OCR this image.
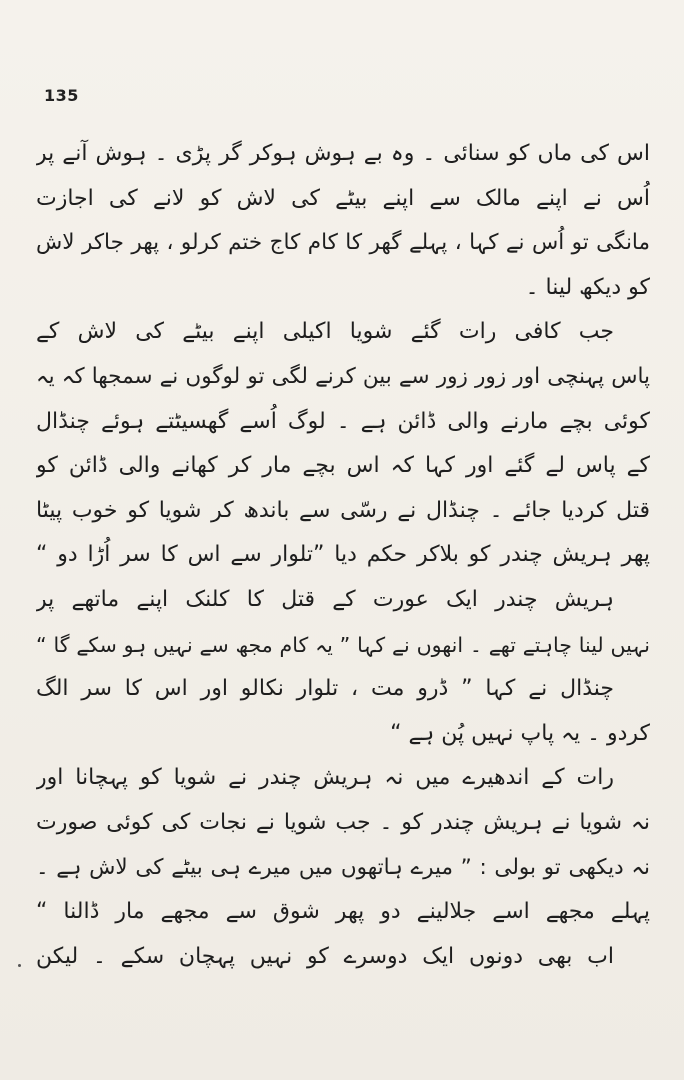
135
اس کی ماں کو سنائی ۔ وہ بے ہوش ہوکر گر پڑی ۔ ہوش آنے پر
اُس نے اپنے مالک سے اپنے بیٹے کی لاش کو لانے کی اجازت
مانگی تو اُس نے کہا ، پہلے گھر کا کام کاج ختم کرلو ، پھر جاکر لاش
کو دیکھ لینا ۔
جب کافی رات گئے شویا اکیلی اپنے بیٹے کی لاش کے
پاس پہنچی اور زور زور سے بین کرنے لگی تو لوگوں نے سمجھا کہ یہ
کوئی بچے مارنے والی ڈائن ہے ۔ لوگ اُسے گھسیٹتے ہوئے چنڈال
کے پاس لے گئے اور کہا کہ اس بچے مار کر کھانے والی ڈائن کو
قتل کردیا جائے ۔ چنڈال نے رسّی سے باندھ کر شویا کو خوب پیٹا
پھر ہریش چندر کو بلاکر حکم دیا ”تلوار سے اس کا سر اُڑا دو “
ہریش چندر ایک عورت کے قتل کا کلنک اپنے ماتھے پر
نہیں لینا چاہتے تھے ۔ انھوں نے کہا ” یہ کام مجھ سے نہیں ہو سکے گا “
چنڈال نے کہا ” ڈرو مت ، تلوار نکالو اور اس کا سر الگ
کردو ۔ یہ پاپ نہیں پُن ہے “
رات کے اندھیرے میں نہ ہریش چندر نے شویا کو پہچانا اور
نہ شویا نے ہریش چندر کو ۔ جب شویا نے نجات کی کوئی صورت
نہ دیکھی تو بولی : ” میرے ہاتھوں میں میرے ہی بیٹے کی لاش ہے ۔
پہلے مجھے اسے جلالینے دو پھر شوق سے مجھے مار ڈالنا “
اب بھی دونوں ایک دوسرے کو نہیں پہچان سکے ۔ لیکن
